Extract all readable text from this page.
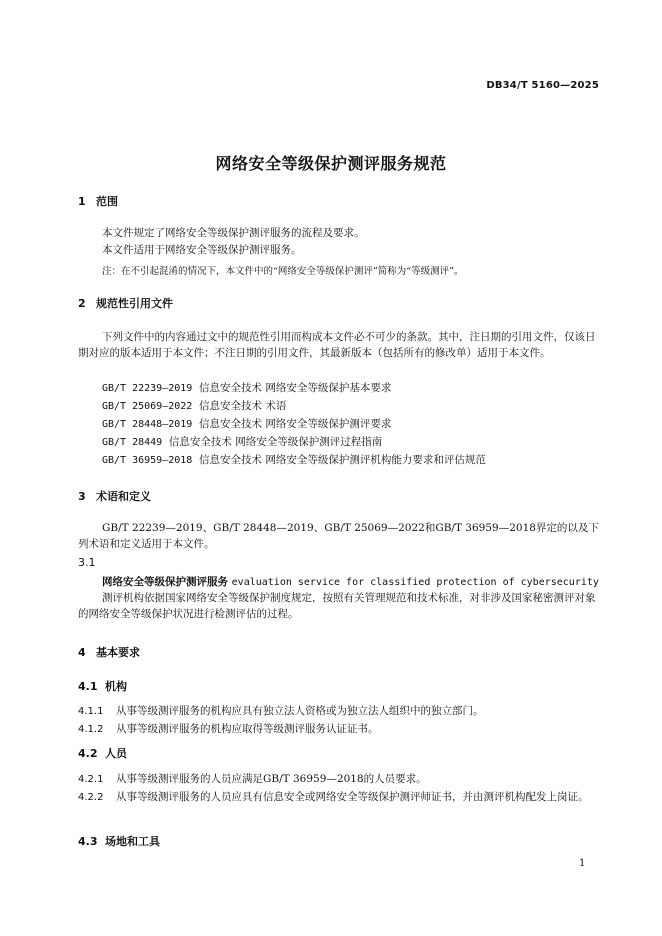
DB34/T 5160—2025
网络安全等级保护测评服务规范
1 范围
本文件规定了网络安全等级保护测评服务的流程及要求。
本文件适用于网络安全等级保护测评服务。
注：在不引起混淆的情况下，本文件中的“网络安全等级保护测评”简称为“等级测评”。
2 规范性引用文件
下列文件中的内容通过文中的规范性引用而构成本文件必不可少的条款。其中，注日期的引用文件，仅该日期对应的版本适用于本文件；不注日期的引用文件，其最新版本（包括所有的修改单）适用于本文件。
GB/T 22239—2019 信息安全技术 网络安全等级保护基本要求
GB/T 25069—2022 信息安全技术 术语
GB/T 28448—2019 信息安全技术 网络安全等级保护测评要求
GB/T 28449 信息安全技术 网络安全等级保护测评过程指南
GB/T 36959—2018 信息安全技术 网络安全等级保护测评机构能力要求和评估规范
3 术语和定义
GB/T 22239—2019、GB/T 28448—2019、GB/T 25069—2022和GB/T 36959—2018界定的以及下列术语和定义适用于本文件。
3.1
网络安全等级保护测评服务 evaluation service for classified protection of cybersecurity
测评机构依据国家网络安全等级保护制度规定，按照有关管理规范和技术标准，对非涉及国家秘密测评对象的网络安全等级保护状况进行检测评估的过程。
4 基本要求
4.1 机构
4.1.1 从事等级测评服务的机构应具有独立法人资格或为独立法人组织中的独立部门。
4.1.2 从事等级测评服务的机构应取得等级测评服务认证证书。
4.2 人员
4.2.1 从事等级测评服务的人员应满足GB/T 36959—2018的人员要求。
4.2.2 从事等级测评服务的人员应具有信息安全或网络安全等级保护测评师证书，并由测评机构配发上岗证。
4.3 场地和工具
1
